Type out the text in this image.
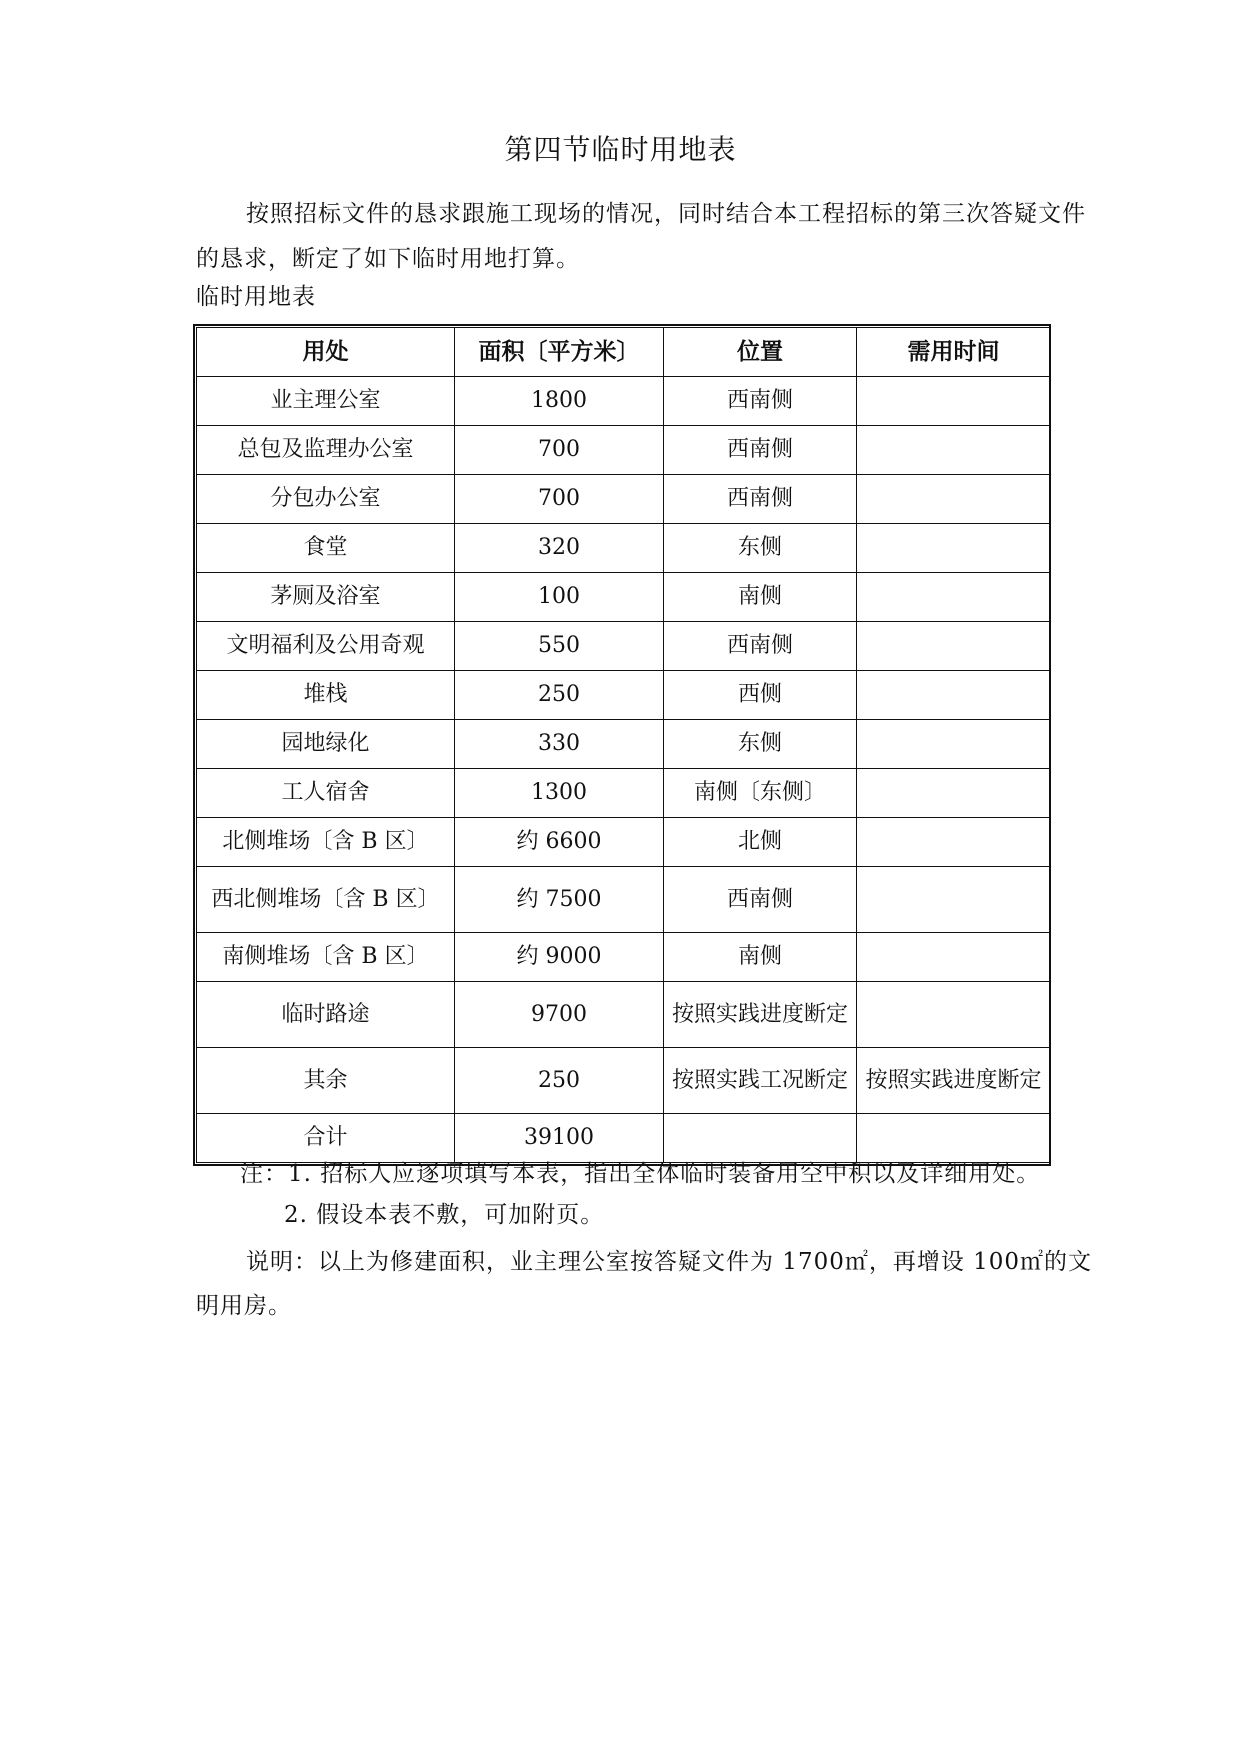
第四节临时用地表

按照招标文件的恳求跟施工现场的情况，同时结合本工程招标的第三次答疑文件的恳求，断定了如下临时用地打算。

临时用地表
用处	面积〔平方米〕	位置	需用时间
业主理公室	1800	西南侧	
总包及监理办公室	700	西南侧	
分包办公室	700	西南侧	
食堂	320	东侧	
茅厕及浴室	100	南侧	
文明福利及公用奇观	550	西南侧	
堆栈	250	西侧	
园地绿化	330	东侧	
工人宿舍	1300	南侧〔东侧〕	
北侧堆场〔含 B 区〕	约 6600	北侧	
西北侧堆场〔含 B 区〕	约 7500	西南侧	
南侧堆场〔含 B 区〕	约 9000	南侧	
临时路途	9700	按照实践进度断定	
其余	250	按照实践工况断定	按照实践进度断定
合计	39100		

注：1. 招标人应逐项填写本表，指出全体临时装备用空中积以及详细用处。

2. 假设本表不敷，可加附页。

说明：以上为修建面积，业主理公室按答疑文件为 1700㎡，再增设 100㎡的文明用房。
